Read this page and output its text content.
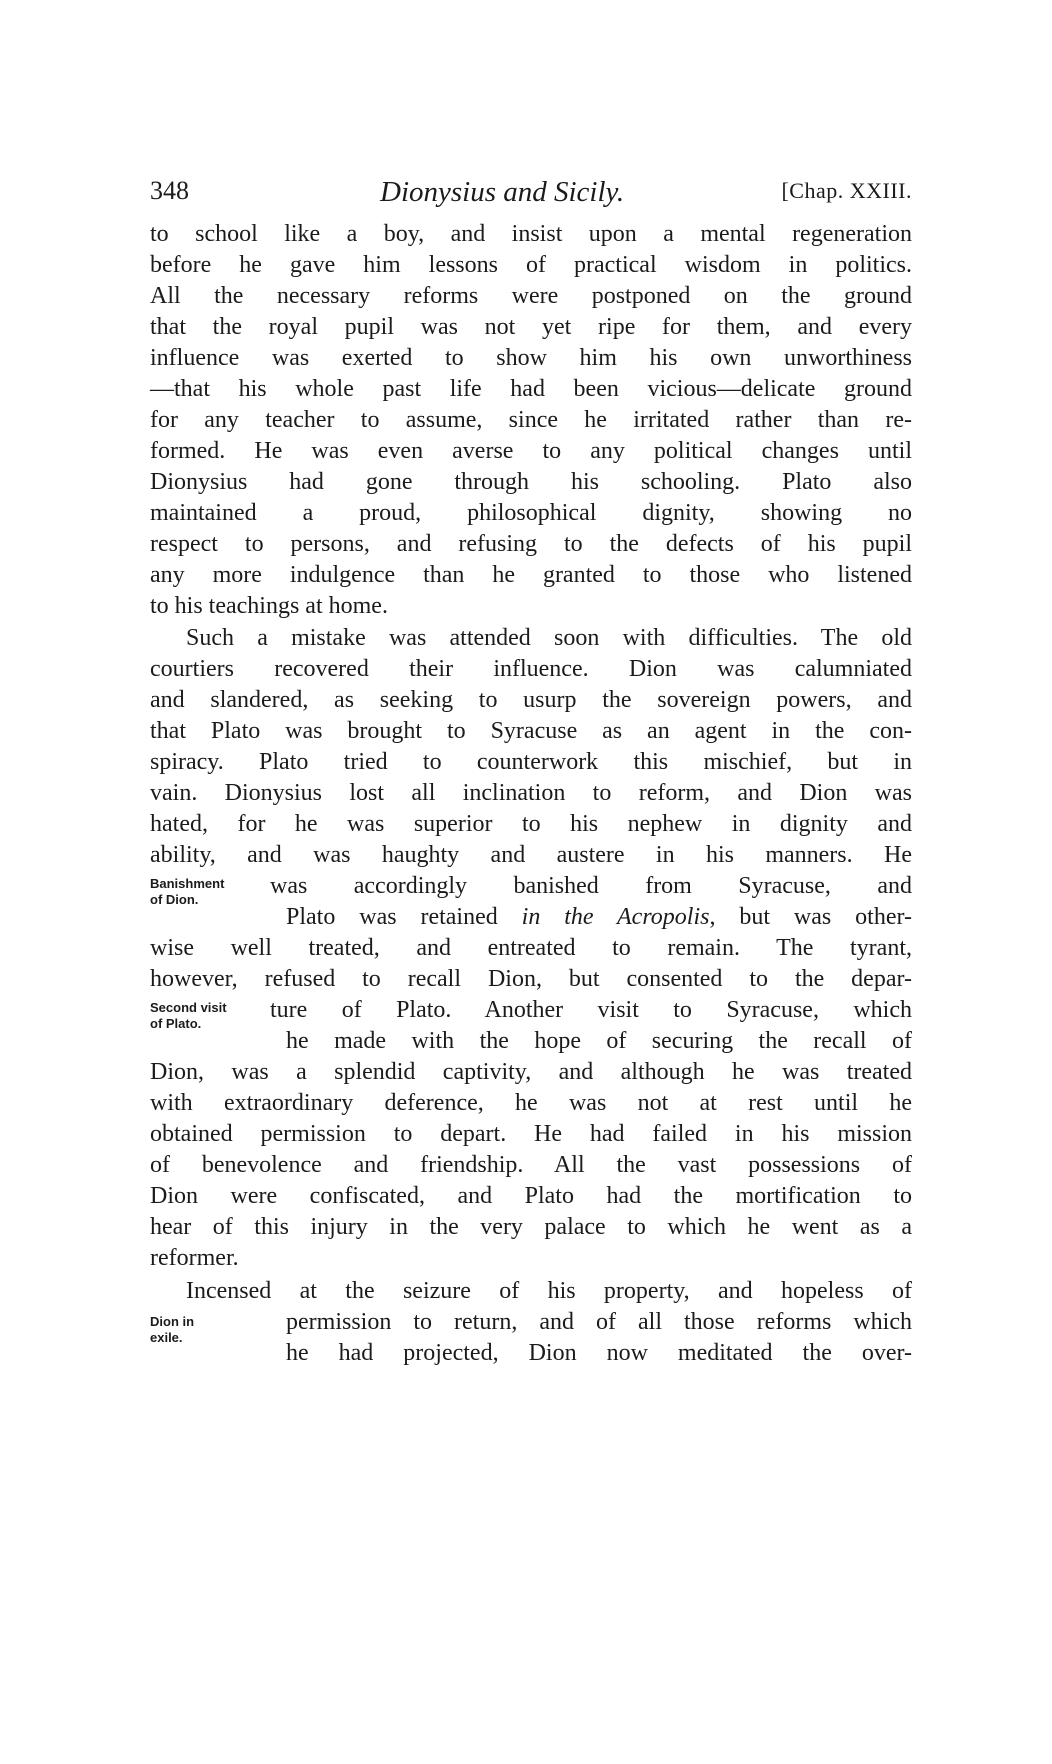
348	Dionysius and Sicily.	[Chap. XXIII.
to school like a boy, and insist upon a mental regeneration
before he gave him lessons of practical wisdom in politics.
All the necessary reforms were postponed on the ground
that the royal pupil was not yet ripe for them, and every
influence was exerted to show him his own unworthiness
—that his whole past life had been vicious—delicate ground
for any teacher to assume, since he irritated rather than re-
formed. He was even averse to any political changes until
Dionysius had gone through his schooling. Plato also
maintained a proud, philosophical dignity, showing no
respect to persons, and refusing to the defects of his pupil
any more indulgence than he granted to those who listened
to his teachings at home.
Such a mistake was attended soon with difficulties. The old
courtiers recovered their influence. Dion was calumniated
and slandered, as seeking to usurp the sovereign powers, and
that Plato was brought to Syracuse as an agent in the con-
spiracy. Plato tried to counterwork this mischief, but in
vain. Dionysius lost all inclination to reform, and Dion was
hated, for he was superior to his nephew in dignity and
ability, and was haughty and austere in his manners. He
Banishment
of Dion.
was accordingly banished from Syracuse, and
Plato was retained in the Acropolis, but was other-
wise well treated, and entreated to remain. The tyrant,
however, refused to recall Dion, but consented to the depar-
Second visit
of Plato.
ture of Plato. Another visit to Syracuse, which
he made with the hope of securing the recall of
Dion, was a splendid captivity, and although he was treated
with extraordinary deference, he was not at rest until he
obtained permission to depart. He had failed in his mission
of benevolence and friendship. All the vast possessions of
Dion were confiscated, and Plato had the mortification to
hear of this injury in the very palace to which he went as a
reformer.
Incensed at the seizure of his property, and hopeless of
Dion in
exile.
permission to return, and of all those reforms which
he had projected, Dion now meditated the over-
